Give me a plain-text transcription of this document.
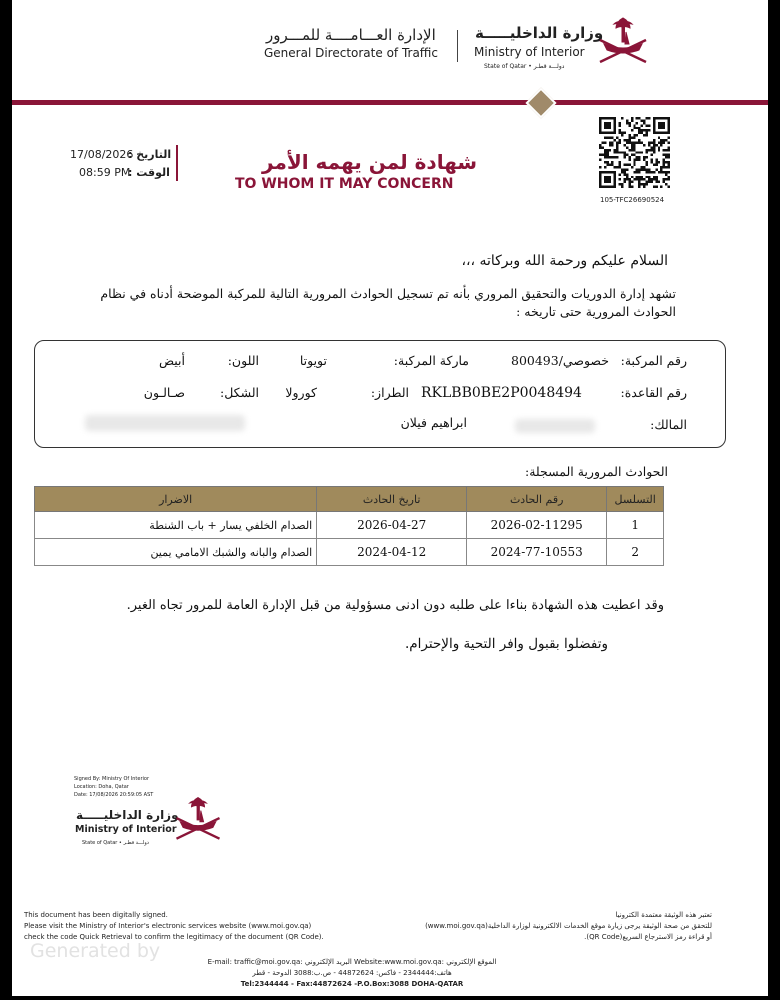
الإدارة العـــامــــة للمـــرور
General Directorate of Traffic
وزارة الداخليـــــة
Ministry of Interior
State of Qatar • دولـــة قطـر
التاريخ :
17/08/2026
الوقت :
08:59 PM	شهادة لمن يهمه الأمر
TO WHOM IT MAY CONCERN
105-TFC26690524
السلام عليكم ورحمة الله وبركاته ،،،
تشهد إدارة الدوريات والتحقيق المروري بأنه تم تسجيل الحوادث المرورية التالية للمركبة الموضحة أدناه في نظام الحوادث المرورية حتى تاريخه :
رقم المركبة:
خصوصي/800493
ماركة المركبة:
تويوتا
اللون:
أبيض
رقم القاعدة:
RKLBB0BE2P0048494
الطراز:
كورولا
الشكل:
صـالـون
المالك:
ابراهيم فيلان
الحوادث المرورية المسجلة:
الاضرار	تاريخ الحادث	رقم الحادث	التسلسل
الصدام الخلفي يسار + باب الشنطة	2026-04-27	2026-02-11295	1
الصدام والبانه والشبك الامامي يمين	2024-04-12	2024-77-10553	2
وقد اعطيت هذه الشهادة بناءا على طلبه دون ادنى مسؤولية من قبل الإدارة العامة للمرور تجاه الغير.
وتفضلوا بقبول وافر التحية والإحترام.
Signed By: Ministry Of Interior
Location: Doha, Qatar
Date: 17/08/2026 20:59:05 AST
وزارة الداخليـــــة
Ministry of Interior
State of Qatar • دولـــة قطـر
Generated by
This document has been digitally signed.
Please visit the Ministry of Interior's electronic services website (www.moi.gov.qa)
check the code Quick Retrieval to confirm the legitimacy of the document (QR Code).
تعتبر هذه الوثيقة معتمدة الكترونيا
للتحقق من صحة الوثيقة يرجى زيارة موقع الخدمات الالكترونية لوزارة الداخلية(www.moi.gov.qa)
أو قراءة رمز الاسترجاع السريع(QR Code).
E-mail: traffic@moi.gov.qa: البريد الإلكتروني Website:www.moi.gov.qa: الموقع الإلكتروني
هاتف:2344444 - فاكس: 44872624 - ص.ب:3088 الدوحة - قطر
Tel:2344444 - Fax:44872624 -P.O.Box:3088 DOHA-QATAR
